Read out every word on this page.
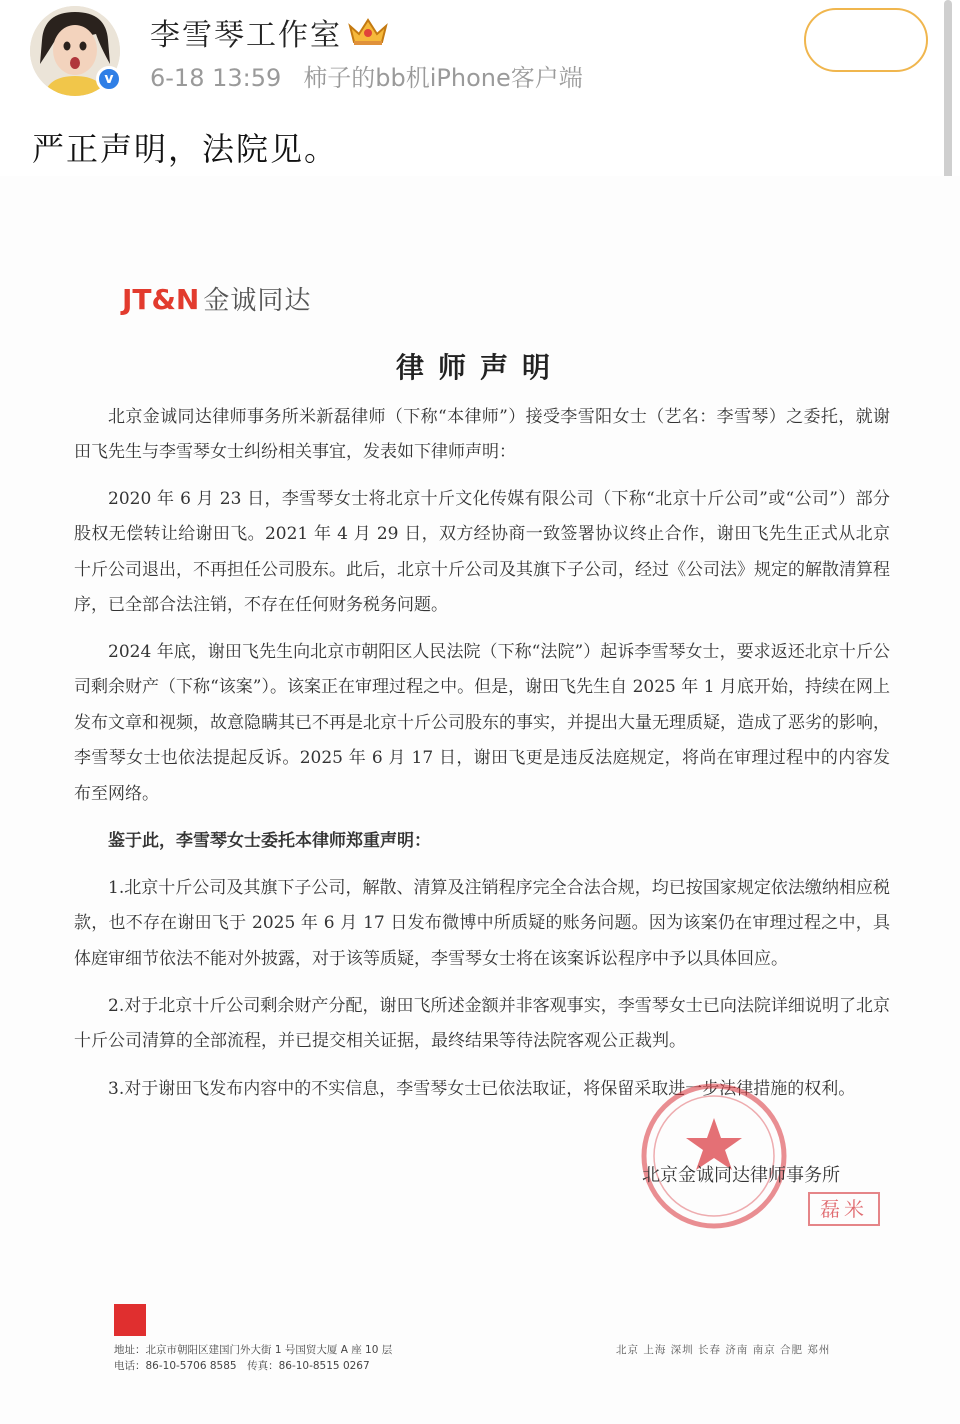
v
李雪琴工作室
6-18 13:59 柿子的bb机iPhone客户端
严正声明，法院见。
JT&N 金诚同达
律师声明
北京金诚同达律师事务所米新磊律师（下称“本律师”）接受李雪阳女士（艺名：李雪琴）之委托，就谢田飞先生与李雪琴女士纠纷相关事宜，发表如下律师声明：
2020 年 6 月 23 日，李雪琴女士将北京十斤文化传媒有限公司（下称“北京十斤公司”或“公司”）部分股权无偿转让给谢田飞。2021 年 4 月 29 日，双方经协商一致签署协议终止合作，谢田飞先生正式从北京十斤公司退出，不再担任公司股东。此后，北京十斤公司及其旗下子公司，经过《公司法》规定的解散清算程序，已全部合法注销，不存在任何财务税务问题。
2024 年底，谢田飞先生向北京市朝阳区人民法院（下称“法院”）起诉李雪琴女士，要求返还北京十斤公司剩余财产（下称“该案”）。该案正在审理过程之中。但是，谢田飞先生自 2025 年 1 月底开始，持续在网上发布文章和视频，故意隐瞒其已不再是北京十斤公司股东的事实，并提出大量无理质疑，造成了恶劣的影响，李雪琴女士也依法提起反诉。2025 年 6 月 17 日，谢田飞更是违反法庭规定，将尚在审理过程中的内容发布至网络。
鉴于此，李雪琴女士委托本律师郑重声明：
1.北京十斤公司及其旗下子公司，解散、清算及注销程序完全合法合规，均已按国家规定依法缴纳相应税款，也不存在谢田飞于 2025 年 6 月 17 日发布微博中所质疑的账务问题。因为该案仍在审理过程之中，具体庭审细节依法不能对外披露，对于该等质疑，李雪琴女士将在该案诉讼程序中予以具体回应。
2.对于北京十斤公司剩余财产分配，谢田飞所述金额并非客观事实，李雪琴女士已向法院详细说明了北京十斤公司清算的全部流程，并已提交相关证据，最终结果等待法院客观公正裁判。
3.对于谢田飞发布内容中的不实信息，李雪琴女士已依法取证，将保留采取进一步法律措施的权利。
北京金诚同达律师事务所
磊米
地址：北京市朝阳区建国门外大街 1 号国贸大厦 A 座 10 层
电话：86-10-5706 8585　传真：86-10-8515 0267
北京 上海 深圳 长春 济南 南京 合肥 郑州
